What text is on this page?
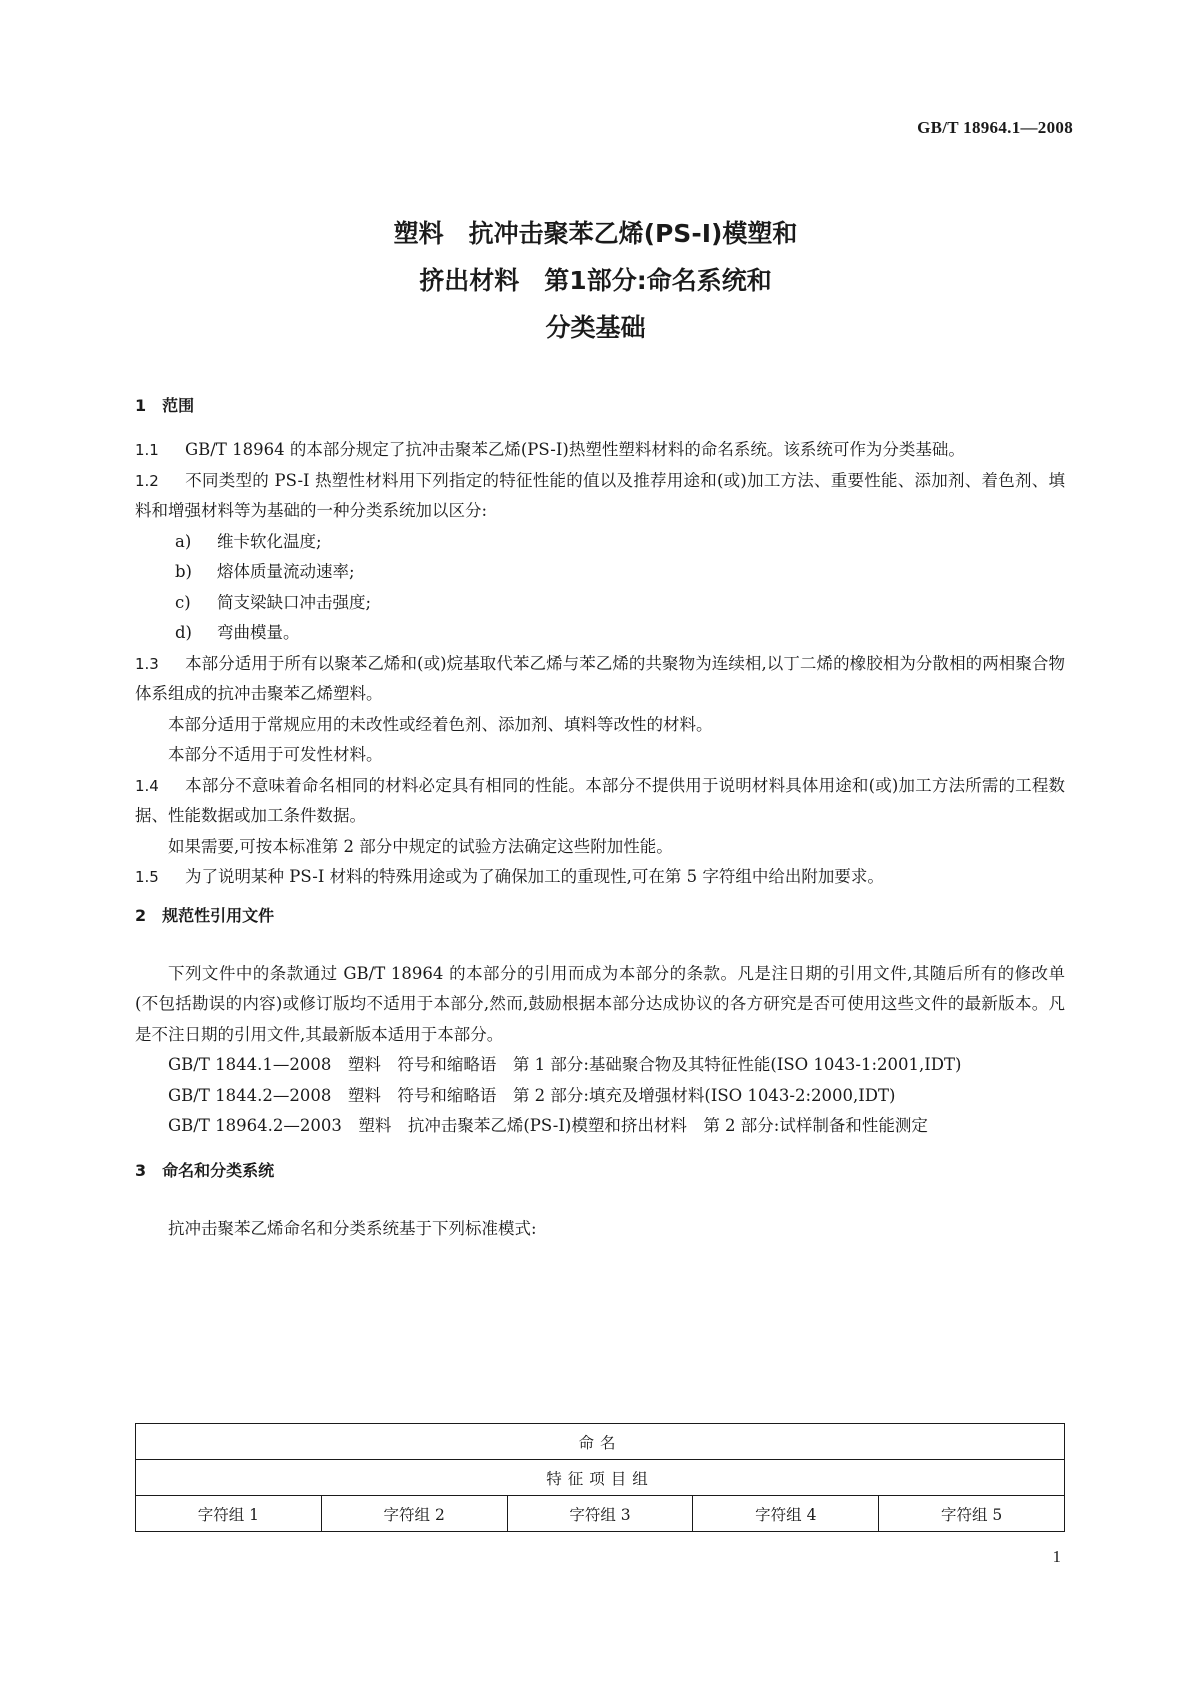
GB/T 18964.1—2008
塑料　抗冲击聚苯乙烯(PS-I)模塑和
挤出材料　第1部分:命名系统和
分类基础
1　范围
1.1 GB/T 18964 的本部分规定了抗冲击聚苯乙烯(PS-I)热塑性塑料材料的命名系统。该系统可作为分类基础。
1.2 不同类型的 PS-I 热塑性材料用下列指定的特征性能的值以及推荐用途和(或)加工方法、重要性能、添加剂、着色剂、填料和增强材料等为基础的一种分类系统加以区分:
a) 维卡软化温度;
b) 熔体质量流动速率;
c) 简支梁缺口冲击强度;
d) 弯曲模量。
1.3 本部分适用于所有以聚苯乙烯和(或)烷基取代苯乙烯与苯乙烯的共聚物为连续相,以丁二烯的橡胶相为分散相的两相聚合物体系组成的抗冲击聚苯乙烯塑料。
本部分适用于常规应用的未改性或经着色剂、添加剂、填料等改性的材料。
本部分不适用于可发性材料。
1.4 本部分不意味着命名相同的材料必定具有相同的性能。本部分不提供用于说明材料具体用途和(或)加工方法所需的工程数据、性能数据或加工条件数据。
如果需要,可按本标准第 2 部分中规定的试验方法确定这些附加性能。
1.5 为了说明某种 PS-I 材料的特殊用途或为了确保加工的重现性,可在第 5 字符组中给出附加要求。
2　规范性引用文件
下列文件中的条款通过 GB/T 18964 的本部分的引用而成为本部分的条款。凡是注日期的引用文件,其随后所有的修改单(不包括勘误的内容)或修订版均不适用于本部分,然而,鼓励根据本部分达成协议的各方研究是否可使用这些文件的最新版本。凡是不注日期的引用文件,其最新版本适用于本部分。
GB/T 1844.1—2008　塑料　符号和缩略语　第 1 部分:基础聚合物及其特征性能(ISO 1043-1:2001,IDT)
GB/T 1844.2—2008　塑料　符号和缩略语　第 2 部分:填充及增强材料(ISO 1043-2:2000,IDT)
GB/T 18964.2—2003　塑料　抗冲击聚苯乙烯(PS-I)模塑和挤出材料　第 2 部分:试样制备和性能测定
3　命名和分类系统
抗冲击聚苯乙烯命名和分类系统基于下列标准模式:
命名
特征项目组
字符组 1	字符组 2	字符组 3	字符组 4	字符组 5
1
